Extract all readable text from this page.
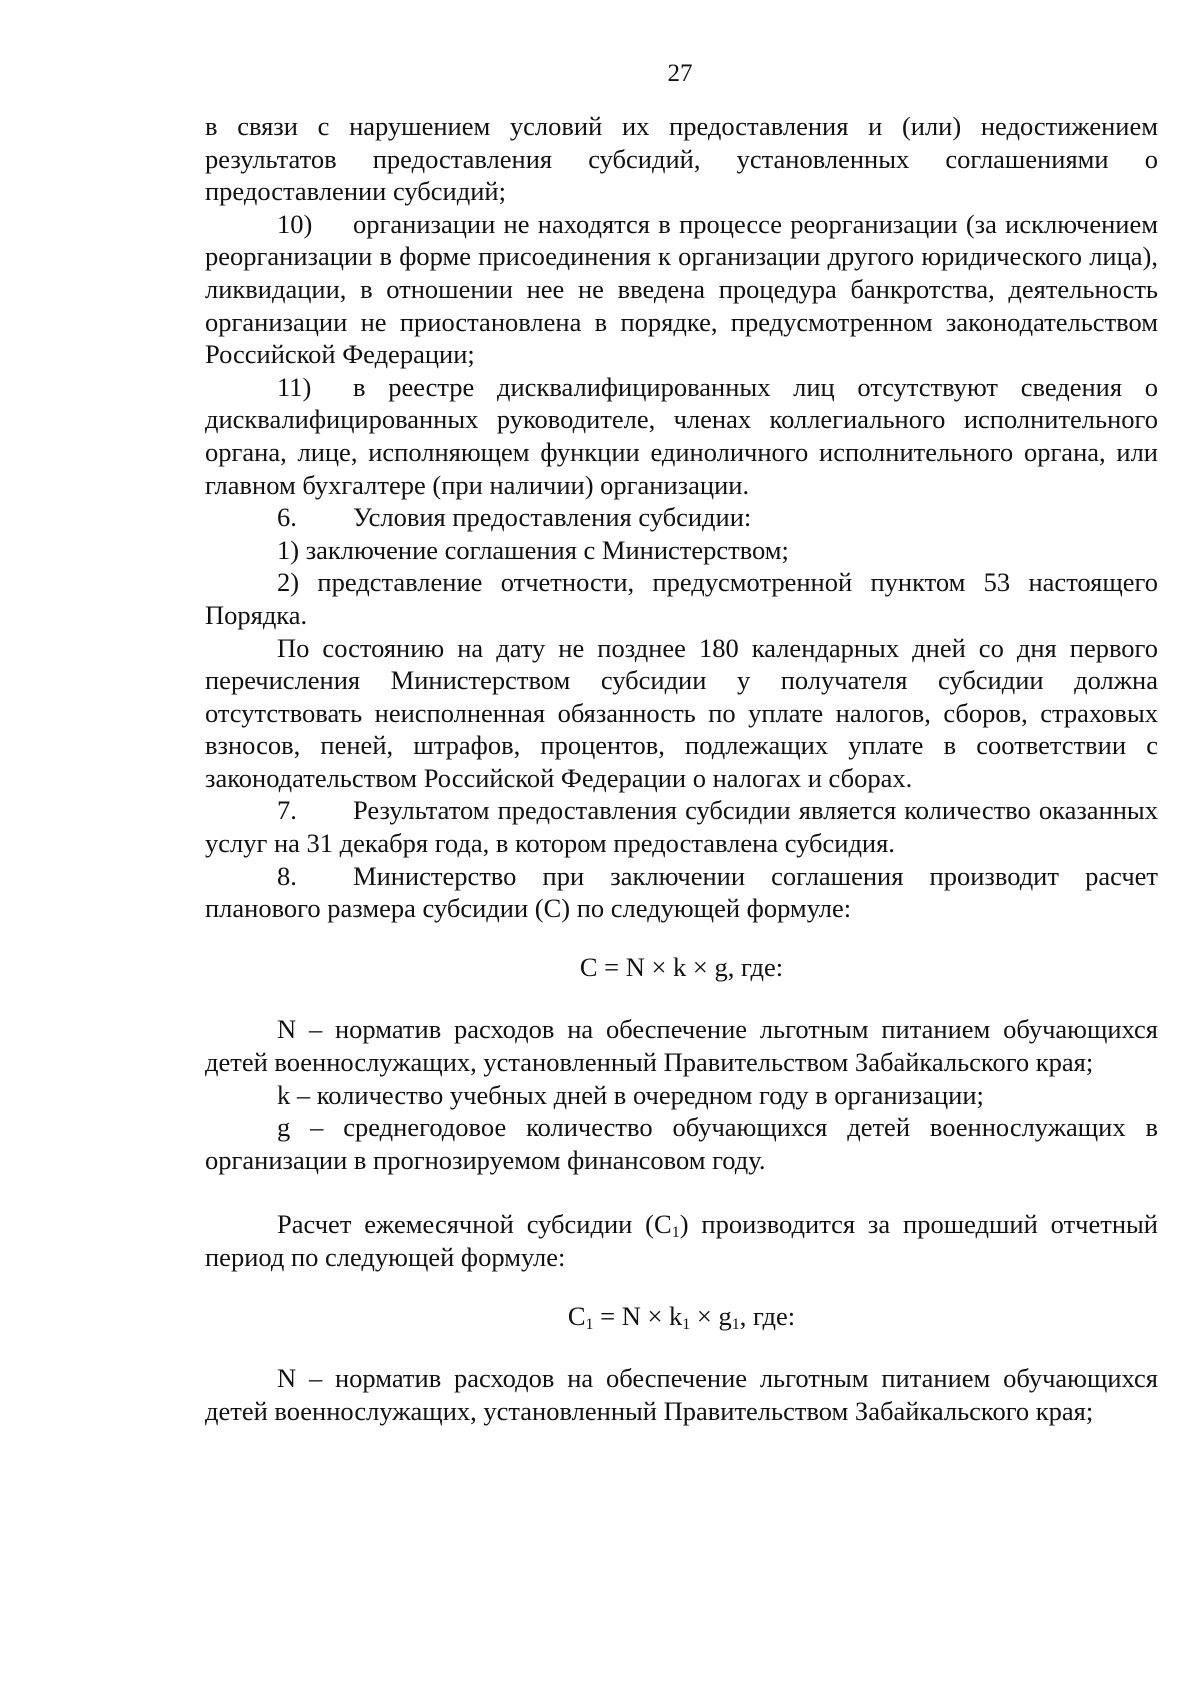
27

в связи с нарушением условий их предоставления и (или) недостижением результатов предоставления субсидий, установленных соглашениями о предоставлении субсидий;

10) организации не находятся в процессе реорганизации (за исключением реорганизации в форме присоединения к организации другого юридического лица), ликвидации, в отношении нее не введена процедура банкротства, деятельность организации не приостановлена в порядке, предусмотренном законодательством Российской Федерации;

11) в реестре дисквалифицированных лиц отсутствуют сведения о дисквалифицированных руководителе, членах коллегиального исполнительного органа, лице, исполняющем функции единоличного исполнительного органа, или главном бухгалтере (при наличии) организации.

6. Условия предоставления субсидии:

1) заключение соглашения с Министерством;

2) представление отчетности, предусмотренной пунктом 53 настоящего Порядка.

По состоянию на дату не позднее 180 календарных дней со дня первого перечисления Министерством субсидии у получателя субсидии должна отсутствовать неисполненная обязанность по уплате налогов, сборов, страховых взносов, пеней, штрафов, процентов, подлежащих уплате в соответствии с законодательством Российской Федерации о налогах и сборах.

7. Результатом предоставления субсидии является количество оказанных услуг на 31 декабря года, в котором предоставлена субсидия.

8. Министерство при заключении соглашения производит расчет планового размера субсидии (С) по следующей формуле:

С = N × k × g, где:

N – норматив расходов на обеспечение льготным питанием обучающихся детей военнослужащих, установленный Правительством Забайкальского края;

k – количество учебных дней в очередном году в организации;

g – среднегодовое количество обучающихся детей военнослужащих в организации в прогнозируемом финансовом году.

Расчет ежемесячной субсидии $(С_1)$ производится за прошедший отчетный период по следующей формуле:

$С_1 = N \times k_1 \times g_1$, где:

N – норматив расходов на обеспечение льготным питанием обучающихся детей военнослужащих, установленный Правительством Забайкальского края;
